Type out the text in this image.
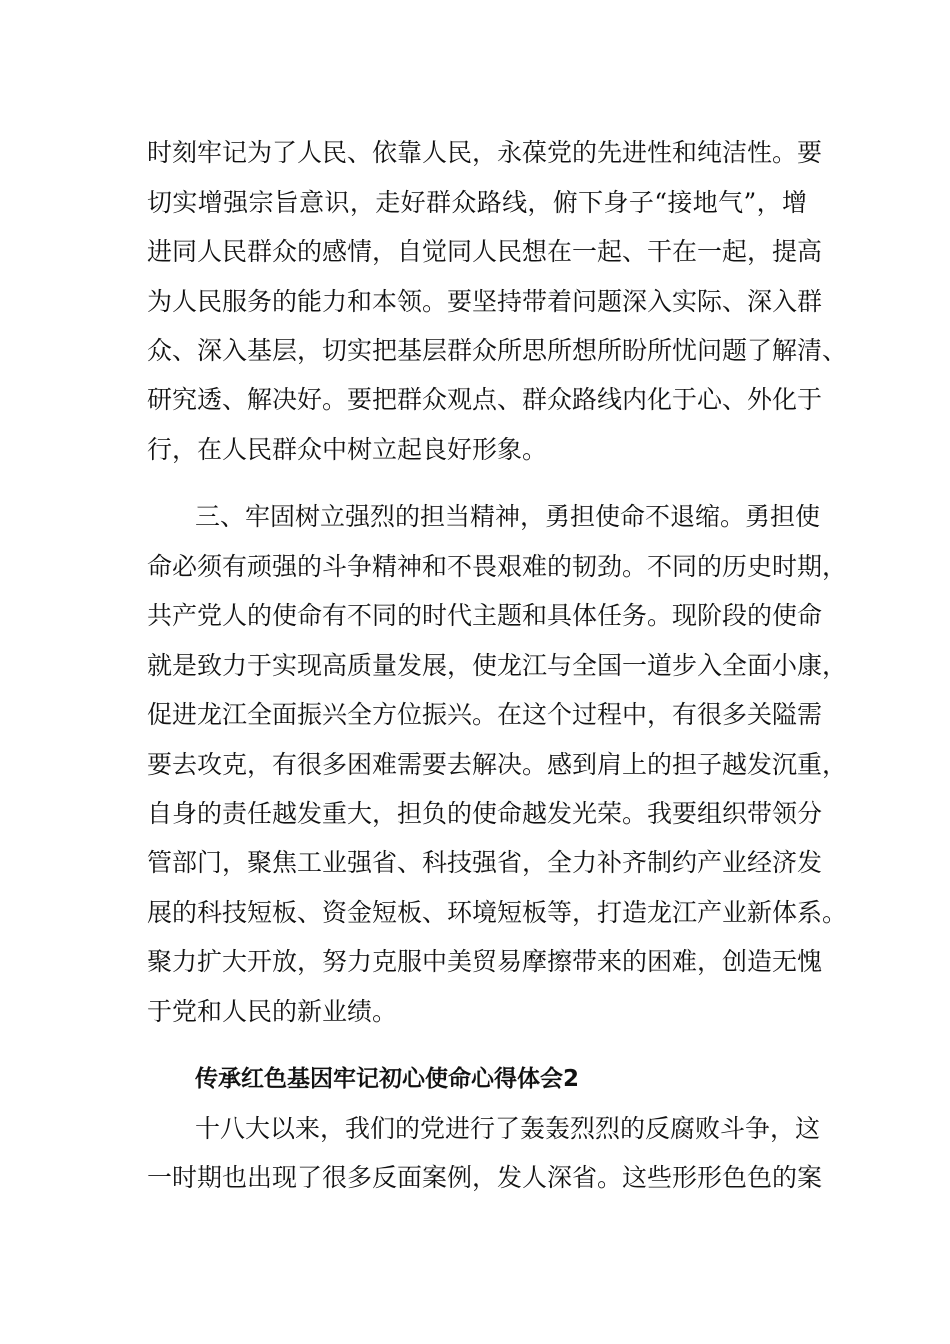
时刻牢记为了人民、依靠人民，永葆党的先进性和纯洁性。要
切实增强宗旨意识，走好群众路线，俯下身子“接地气”，增
进同人民群众的感情，自觉同人民想在一起、干在一起，提高
为人民服务的能力和本领。要坚持带着问题深入实际、深入群
众、深入基层，切实把基层群众所思所想所盼所忧问题了解清、
研究透、解决好。要把群众观点、群众路线内化于心、外化于
行，在人民群众中树立起良好形象。
三、牢固树立强烈的担当精神，勇担使命不退缩。勇担使
命必须有顽强的斗争精神和不畏艰难的韧劲。不同的历史时期，
共产党人的使命有不同的时代主题和具体任务。现阶段的使命
就是致力于实现高质量发展，使龙江与全国一道步入全面小康，
促进龙江全面振兴全方位振兴。在这个过程中，有很多关隘需
要去攻克，有很多困难需要去解决。感到肩上的担子越发沉重，
自身的责任越发重大，担负的使命越发光荣。我要组织带领分
管部门，聚焦工业强省、科技强省，全力补齐制约产业经济发
展的科技短板、资金短板、环境短板等，打造龙江产业新体系。
聚力扩大开放，努力克服中美贸易摩擦带来的困难，创造无愧
于党和人民的新业绩。
传承红色基因牢记初心使命心得体会2
十八大以来，我们的党进行了轰轰烈烈的反腐败斗争，这
一时期也出现了很多反面案例，发人深省。这些形形色色的案
